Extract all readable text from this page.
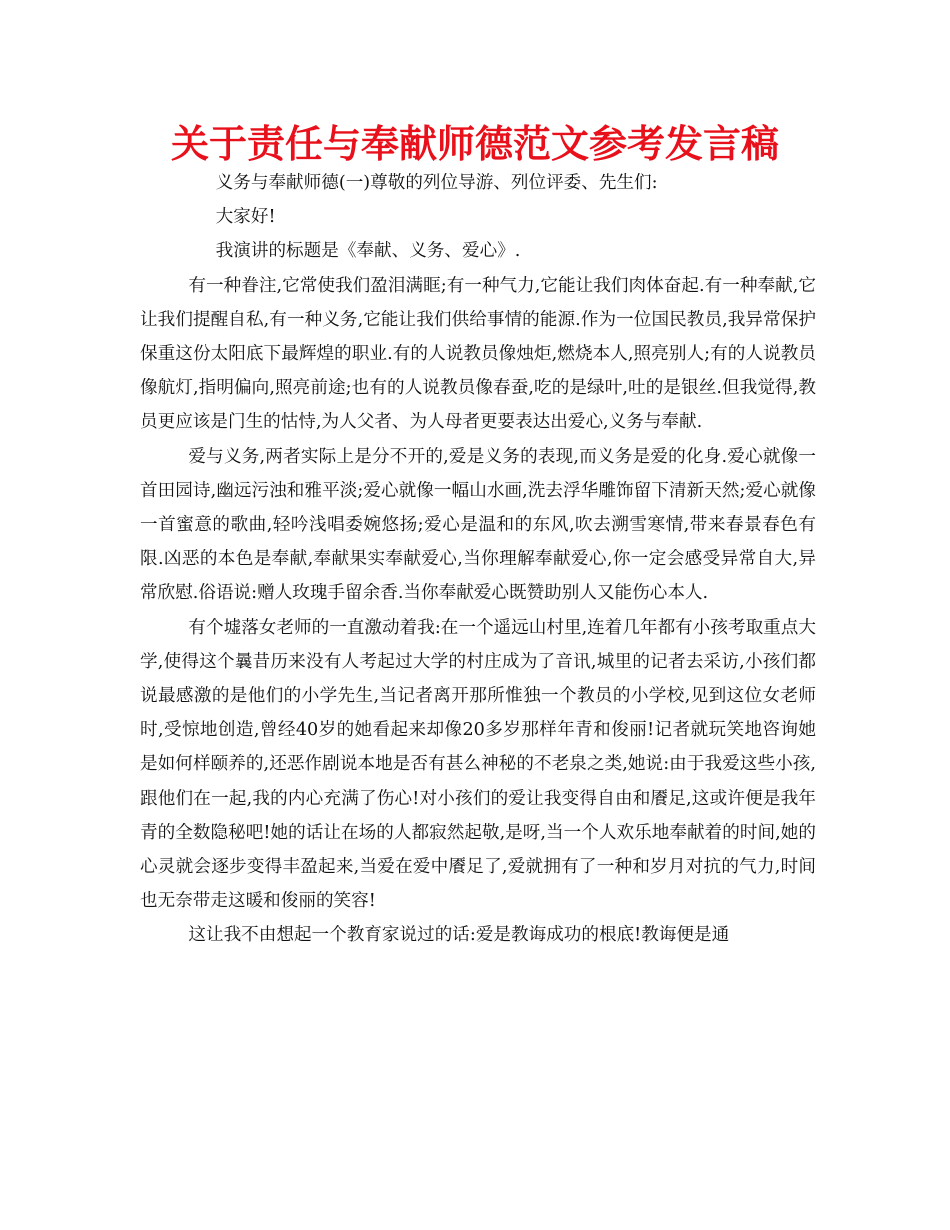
关于责任与奉献师德范文参考发言稿

义务与奉献师德(一)尊敬的列位导游、列位评委、先生们:

大家好!

我演讲的标题是《奉献、义务、爱心》.

有一种眷注,它常使我们盈泪满眶;有一种气力,它能让我们肉体奋起.有一种奉献,它让我们提醒自私,有一种义务,它能让我们供给事情的能源.作为一位国民教员,我异常保护保重这份太阳底下最辉煌的职业.有的人说教员像烛炬,燃烧本人,照亮别人;有的人说教员像航灯,指明偏向,照亮前途;也有的人说教员像春蚕,吃的是绿叶,吐的是银丝.但我觉得,教员更应该是门生的怙恃,为人父者、为人母者更要表达出爱心,义务与奉献.

爱与义务,两者实际上是分不开的,爱是义务的表现,而义务是爱的化身.爱心就像一首田园诗,幽远污浊和雅平淡;爱心就像一幅山水画,洗去浮华雕饰留下清新天然;爱心就像一首蜜意的歌曲,轻吟浅唱委婉悠扬;爱心是温和的东风,吹去溯雪寒情,带来春景春色有限.凶恶的本色是奉献,奉献果实奉献爱心,当你理解奉献爱心,你一定会感受异常自大,异常欣慰.俗语说:赠人玫瑰手留余香.当你奉献爱心既赞助别人又能伤心本人.

有个墟落女老师的一直激动着我:在一个遥远山村里,连着几年都有小孩考取重点大学,使得这个曩昔历来没有人考起过大学的村庄成为了音讯,城里的记者去采访,小孩们都说最感激的是他们的小学先生,当记者离开那所惟独一个教员的小学校,见到这位女老师时,受惊地创造,曾经40岁的她看起来却像20多岁那样年青和俊丽!记者就玩笑地咨询她是如何样颐养的,还恶作剧说本地是否有甚么神秘的不老泉之类,她说:由于我爱这些小孩,跟他们在一起,我的内心充满了伤心!对小孩们的爱让我变得自由和餍足,这或许便是我年青的全数隐秘吧!她的话让在场的人都寂然起敬,是呀,当一个人欢乐地奉献着的时间,她的心灵就会逐步变得丰盈起来,当爱在爱中餍足了,爱就拥有了一种和岁月对抗的气力,时间也无奈带走这暖和俊丽的笑容!

这让我不由想起一个教育家说过的话:爱是教诲成功的根底!教诲便是通
